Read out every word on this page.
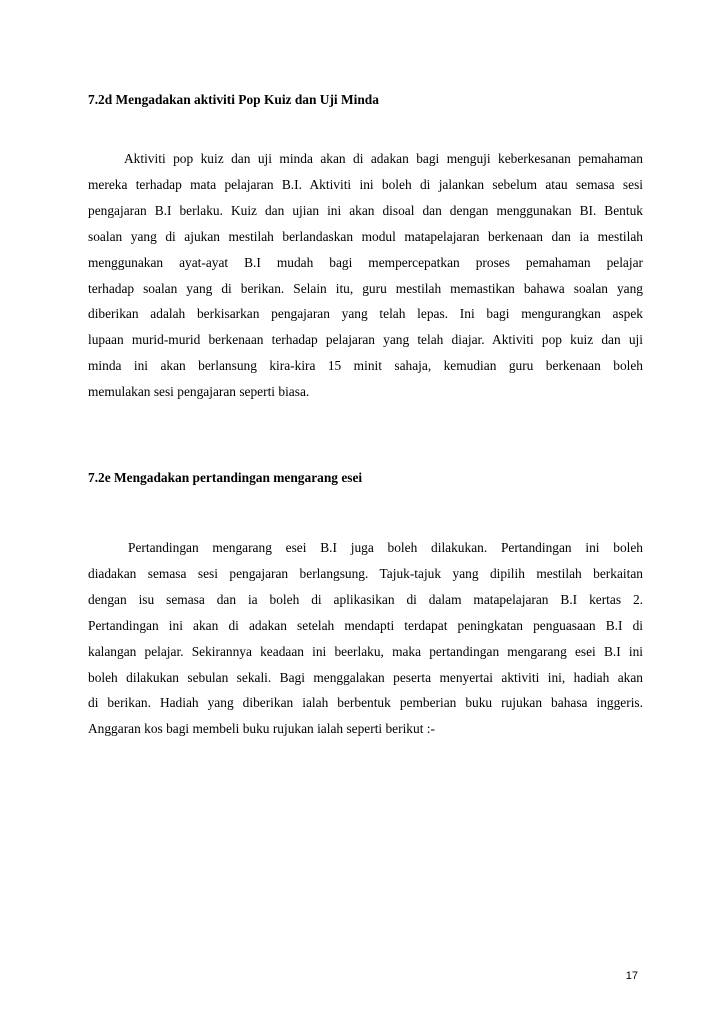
7.2d Mengadakan aktiviti Pop Kuiz dan Uji Minda
Aktiviti pop kuiz dan uji minda akan di adakan bagi menguji keberkesanan pemahaman
mereka terhadap mata pelajaran B.I. Aktiviti ini boleh di jalankan sebelum atau semasa sesi
pengajaran B.I berlaku. Kuiz dan ujian ini akan disoal dan dengan menggunakan BI. Bentuk
soalan yang di ajukan mestilah berlandaskan modul matapelajaran berkenaan dan ia mestilah
menggunakan ayat-ayat B.I mudah bagi mempercepatkan proses pemahaman pelajar
terhadap soalan yang di berikan. Selain itu, guru mestilah memastikan bahawa soalan yang
diberikan adalah berkisarkan pengajaran yang telah lepas. Ini bagi mengurangkan aspek
lupaan murid-murid berkenaan terhadap pelajaran yang telah diajar. Aktiviti pop kuiz dan uji
minda ini akan berlansung kira-kira 15 minit sahaja, kemudian guru berkenaan boleh
memulakan sesi pengajaran seperti biasa.
7.2e Mengadakan pertandingan mengarang esei
Pertandingan mengarang esei B.I juga boleh dilakukan. Pertandingan ini boleh
diadakan semasa sesi pengajaran berlangsung. Tajuk-tajuk yang dipilih mestilah berkaitan
dengan isu semasa dan ia boleh di aplikasikan di dalam matapelajaran B.I kertas 2.
Pertandingan ini akan di adakan setelah mendapti terdapat peningkatan penguasaan B.I di
kalangan pelajar. Sekirannya keadaan ini beerlaku, maka pertandingan mengarang esei B.I ini
boleh dilakukan sebulan sekali. Bagi menggalakan peserta menyertai aktiviti ini, hadiah akan
di berikan. Hadiah yang diberikan ialah berbentuk pemberian buku rujukan bahasa inggeris.
Anggaran kos bagi membeli buku rujukan ialah seperti berikut :-
17
